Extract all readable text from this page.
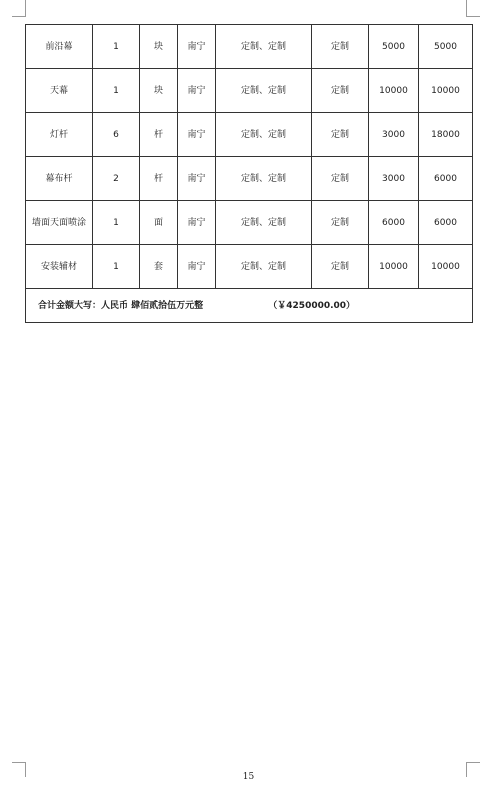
前沿幕	1	块	南宁	定制、定制	定制	5000	5000
天幕	1	块	南宁	定制、定制	定制	10000	10000
灯杆	6	杆	南宁	定制、定制	定制	3000	18000
幕布杆	2	杆	南宁	定制、定制	定制	3000	6000
墙面天面喷涂	1	面	南宁	定制、定制	定制	6000	6000
安装辅材	1	套	南宁	定制、定制	定制	10000	10000
合计金额大写：人民币 肆佰贰拾伍万元整 （￥4250000.00）							
15
